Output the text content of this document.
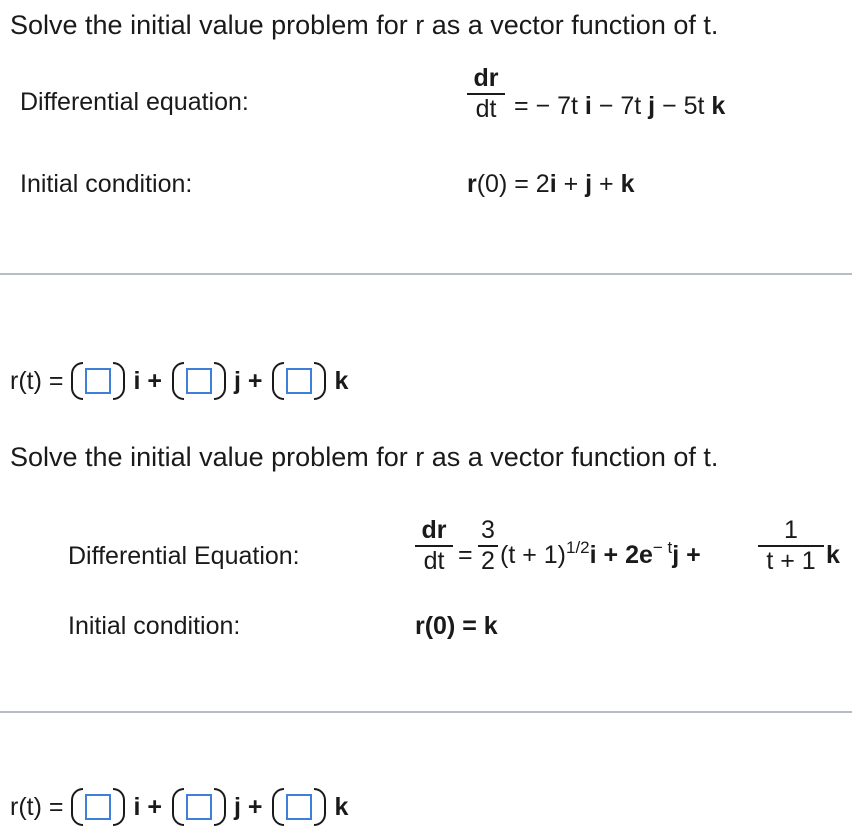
Solve the initial value problem for r as a vector function of t.
Differential equation:
dr
dt = − 7t i − 7t j − 5t k
Initial condition:	r(0) = 2i + j + k
r(t) =	i +	j +	k
Solve the initial value problem for r as a vector function of t.
Differential Equation:
dr
dt =
3
2 $(t + 1)^{1/2}i + 2e^{- t}j$ +
1
t + 1 k
Initial condition:	r(0) = k
r(t) =	i +	j +	k
